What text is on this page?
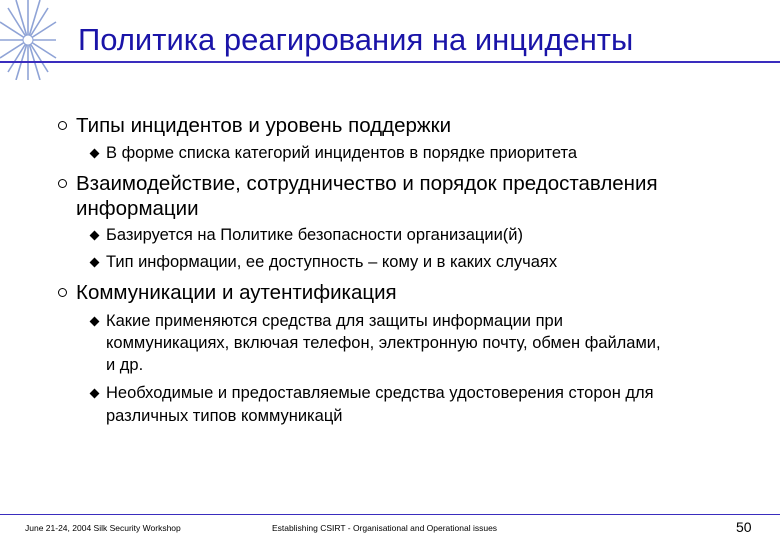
Политика реагирования на инциденты
Типы инцидентов и уровень поддержки
В форме списка категорий инцидентов в порядке приоритета
Взаимодействие, сотрудничество и порядок предоставления
информации
Базируется на Политике безопасности организации(й)
Тип информации, ее доступность – кому и в каких случаях
Коммуникации и аутентификация
Какие применяются средства для защиты информации при
коммуникациях, включая телефон, электронную почту, обмен файлами,
и др.
Необходимые и предоставляемые средства удостоверения сторон для
различных типов коммуникацй
June 21-24, 2004 Silk Security Workshop	Establishing CSIRT - Organisational and Operational issues	50
